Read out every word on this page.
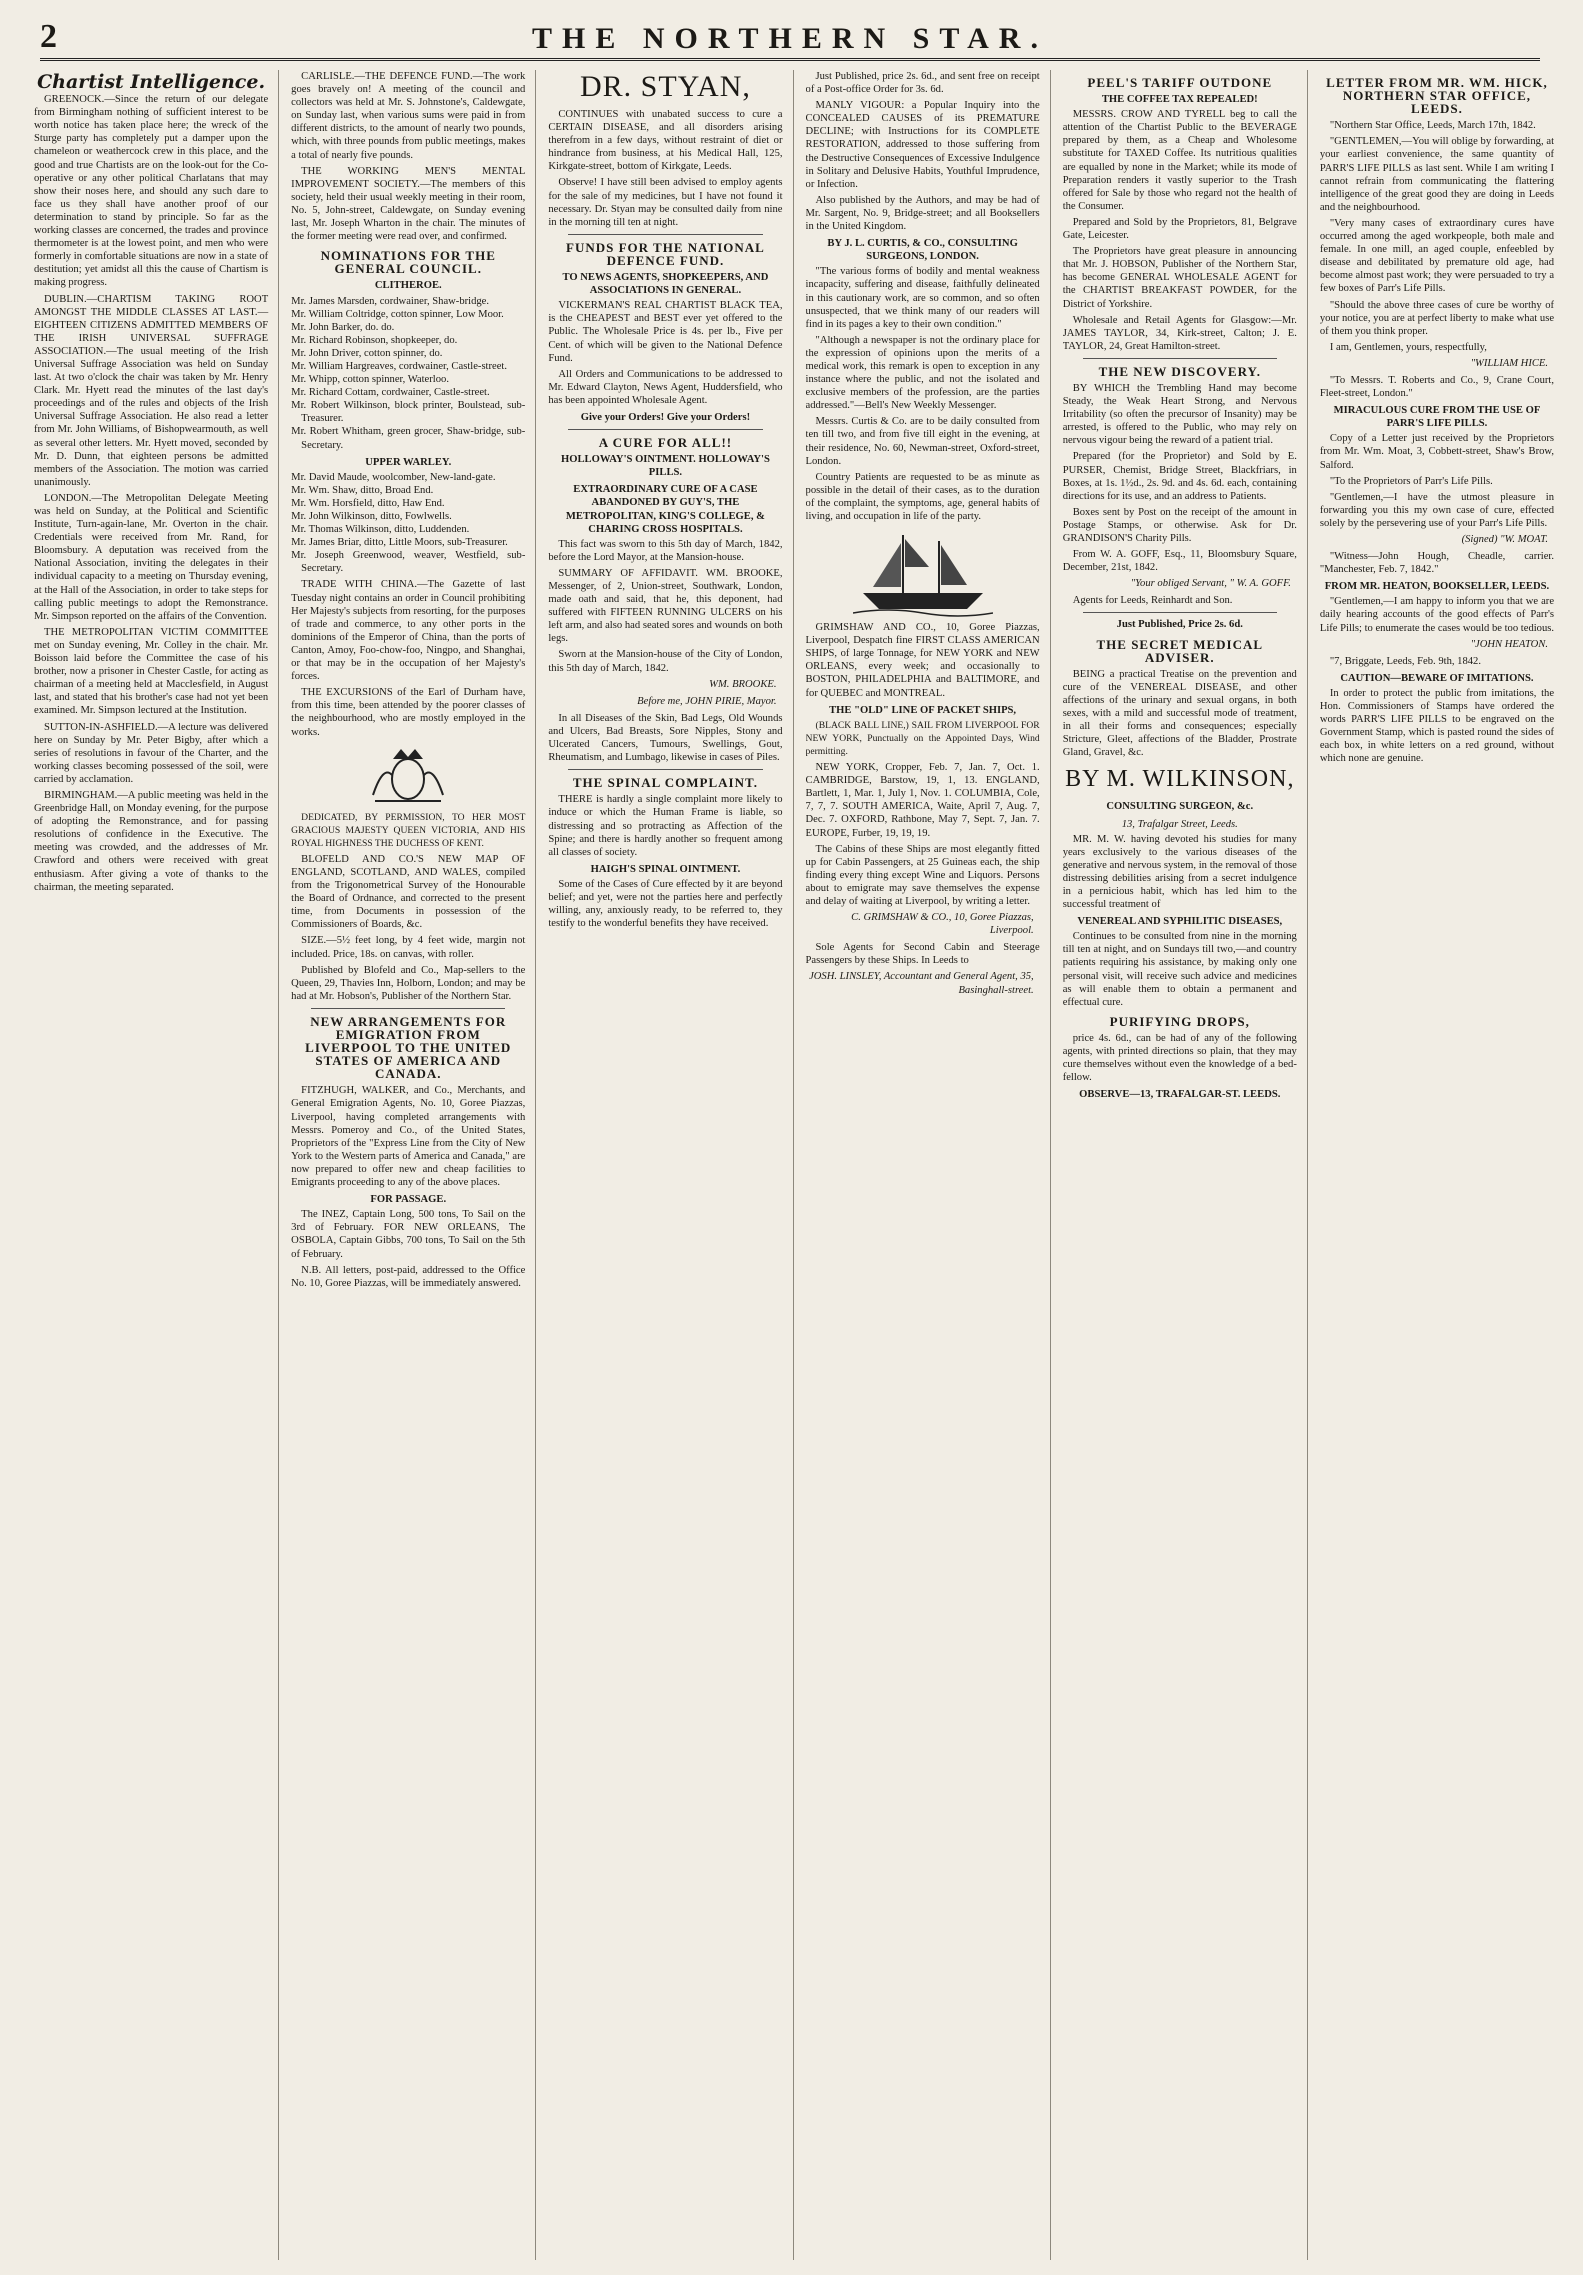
2	THE NORTHERN STAR.
Chartist Intelligence.

GREENOCK.—Since the return of our delegate from Birmingham nothing of sufficient interest to be worth notice has taken place here; the wreck of the Sturge party has completely put a damper upon the chameleon or weathercock crew in this place, and the good and true Chartists are on the look-out for the Co-operative or any other political Charlatans that may show their noses here, and should any such dare to face us they shall have another proof of our determination to stand by principle. So far as the working classes are concerned, the trades and province thermometer is at the lowest point, and men who were formerly in comfortable situations are now in a state of destitution; yet amidst all this the cause of Chartism is making progress.

DUBLIN.—CHARTISM TAKING ROOT AMONGST THE MIDDLE CLASSES AT LAST.—EIGHTEEN CITIZENS ADMITTED MEMBERS OF THE IRISH UNIVERSAL SUFFRAGE ASSOCIATION.—The usual meeting of the Irish Universal Suffrage Association was held on Sunday last. At two o'clock the chair was taken by Mr. Henry Clark. Mr. Hyett read the minutes of the last day's proceedings and of the rules and objects of the Irish Universal Suffrage Association. He also read a letter from Mr. John Williams, of Bishopwearmouth, as well as several other letters. Mr. Hyett moved, seconded by Mr. D. Dunn, that eighteen persons be admitted members of the Association. The motion was carried unanimously.

LONDON.—The Metropolitan Delegate Meeting was held on Sunday, at the Political and Scientific Institute, Turn-again-lane, Mr. Overton in the chair. Credentials were received from Mr. Rand, for Bloomsbury. A deputation was received from the National Association, inviting the delegates in their individual capacity to a meeting on Thursday evening, at the Hall of the Association, in order to take steps for calling public meetings to adopt the Remonstrance. Mr. Simpson reported on the affairs of the Convention.

THE METROPOLITAN VICTIM COMMITTEE met on Sunday evening, Mr. Colley in the chair. Mr. Boisson laid before the Committee the case of his brother, now a prisoner in Chester Castle, for acting as chairman of a meeting held at Macclesfield, in August last, and stated that his brother's case had not yet been examined. Mr. Simpson lectured at the Institution.

SUTTON-IN-ASHFIELD.—A lecture was delivered here on Sunday by Mr. Peter Bigby, after which a series of resolutions in favour of the Charter, and the working classes becoming possessed of the soil, were carried by acclamation.

BIRMINGHAM.—A public meeting was held in the Greenbridge Hall, on Monday evening, for the purpose of adopting the Remonstrance, and for passing resolutions of confidence in the Executive. The meeting was crowded, and the addresses of Mr. Crawford and others were received with great enthusiasm. After giving a vote of thanks to the chairman, the meeting separated.

CARLISLE.—THE DEFENCE FUND.—The work goes bravely on! A meeting of the council and collectors was held at Mr. S. Johnstone's, Caldewgate, on Sunday last, when various sums were paid in from different districts, to the amount of nearly two pounds, which, with three pounds from public meetings, makes a total of nearly five pounds.

THE WORKING MEN'S MENTAL IMPROVEMENT SOCIETY.—The members of this society, held their usual weekly meeting in their room, No. 5, John-street, Caldewgate, on Sunday evening last, Mr. Joseph Wharton in the chair. The minutes of the former meeting were read over, and confirmed.

NOMINATIONS FOR THE GENERAL COUNCIL.
CLITHEROE.
Mr. James Marsden, cordwainer, Shaw-bridge.
Mr. William Coltridge, cotton spinner, Low Moor.
Mr. John Barker, do. do.
Mr. Richard Robinson, shopkeeper, do.
Mr. John Driver, cotton spinner, do.
Mr. William Hargreaves, cordwainer, Castle-street.
Mr. Whipp, cotton spinner, Waterloo.
Mr. Richard Cottam, cordwainer, Castle-street.
Mr. Robert Wilkinson, block printer, Boulstead, sub-Treasurer.
Mr. Robert Whitham, green grocer, Shaw-bridge, sub-Secretary.
UPPER WARLEY.
Mr. David Maude, woolcomber, New-land-gate.
Mr. Wm. Shaw, ditto, Broad End.
Mr. Wm. Horsfield, ditto, Haw End.
Mr. John Wilkinson, ditto, Fowlwells.
Mr. Thomas Wilkinson, ditto, Luddenden.
Mr. James Briar, ditto, Little Moors, sub-Treasurer.
Mr. Joseph Greenwood, weaver, Westfield, sub-Secretary.

TRADE WITH CHINA.—The Gazette of last Tuesday night contains an order in Council prohibiting Her Majesty's subjects from resorting, for the purposes of trade and commerce, to any other ports in the dominions of the Emperor of China, than the ports of Canton, Amoy, Foo-chow-foo, Ningpo, and Shanghai, or that may be in the occupation of her Majesty's forces.

THE EXCURSIONS of the Earl of Durham have, from this time, been attended by the poorer classes of the neighbourhood, who are mostly employed in the works.

DEDICATED, BY PERMISSION, TO HER MOST GRACIOUS MAJESTY QUEEN VICTORIA, AND HIS ROYAL HIGHNESS THE DUCHESS OF KENT.

BLOFELD AND CO.'S NEW MAP OF ENGLAND, SCOTLAND, AND WALES, compiled from the Trigonometrical Survey of the Honourable the Board of Ordnance, and corrected to the present time, from Documents in possession of the Commissioners of Boards, &c.

SIZE.—5½ feet long, by 4 feet wide, margin not included. Price, 18s. on canvas, with roller.

Published by Blofeld and Co., Map-sellers to the Queen, 29, Thavies Inn, Holborn, London; and may be had at Mr. Hobson's, Publisher of the Northern Star.

NEW ARRANGEMENTS FOR EMIGRATION FROM LIVERPOOL TO THE UNITED STATES OF AMERICA AND CANADA.

FITZHUGH, WALKER, and Co., Merchants, and General Emigration Agents, No. 10, Goree Piazzas, Liverpool, having completed arrangements with Messrs. Pomeroy and Co., of the United States, Proprietors of the "Express Line from the City of New York to the Western parts of America and Canada," are now prepared to offer new and cheap facilities to Emigrants proceeding to any of the above places.

FOR PASSAGE.

The INEZ, Captain Long, 500 tons, To Sail on the 3rd of February. FOR NEW ORLEANS, The OSBOLA, Captain Gibbs, 700 tons, To Sail on the 5th of February.

N.B. All letters, post-paid, addressed to the Office No. 10, Goree Piazzas, will be immediately answered.

DR. STYAN,

CONTINUES with unabated success to cure a CERTAIN DISEASE, and all disorders arising therefrom in a few days, without restraint of diet or hindrance from business, at his Medical Hall, 125, Kirkgate-street, bottom of Kirkgate, Leeds.

Observe! I have still been advised to employ agents for the sale of my medicines, but I have not found it necessary. Dr. Styan may be consulted daily from nine in the morning till ten at night.

FUNDS FOR THE NATIONAL DEFENCE FUND.
TO NEWS AGENTS, SHOPKEEPERS, AND ASSOCIATIONS IN GENERAL.

VICKERMAN'S REAL CHARTIST BLACK TEA, is the CHEAPEST and BEST ever yet offered to the Public. The Wholesale Price is 4s. per lb., Five per Cent. of which will be given to the National Defence Fund.

All Orders and Communications to be addressed to Mr. Edward Clayton, News Agent, Huddersfield, who has been appointed Wholesale Agent.

Give your Orders! Give your Orders!
A CURE FOR ALL!!
HOLLOWAY'S OINTMENT. HOLLOWAY'S PILLS.
EXTRAORDINARY CURE OF A CASE ABANDONED BY GUY'S, THE METROPOLITAN, KING'S COLLEGE, & CHARING CROSS HOSPITALS.

This fact was sworn to this 5th day of March, 1842, before the Lord Mayor, at the Mansion-house.

SUMMARY OF AFFIDAVIT. WM. BROOKE, Messenger, of 2, Union-street, Southwark, London, made oath and said, that he, this deponent, had suffered with FIFTEEN RUNNING ULCERS on his left arm, and also had seated sores and wounds on both legs.

Sworn at the Mansion-house of the City of London, this 5th day of March, 1842.

WM. BROOKE.
Before me, JOHN PIRIE, Mayor.

In all Diseases of the Skin, Bad Legs, Old Wounds and Ulcers, Bad Breasts, Sore Nipples, Stony and Ulcerated Cancers, Tumours, Swellings, Gout, Rheumatism, and Lumbago, likewise in cases of Piles.

THE SPINAL COMPLAINT.

THERE is hardly a single complaint more likely to induce or which the Human Frame is liable, so distressing and so protracting as Affection of the Spine; and there is hardly another so frequent among all classes of society.

HAIGH'S SPINAL OINTMENT.

Some of the Cases of Cure effected by it are beyond belief; and yet, were not the parties here and perfectly willing, any, anxiously ready, to be referred to, they testify to the wonderful benefits they have received.

Just Published, price 2s. 6d., and sent free on receipt of a Post-office Order for 3s. 6d.

MANLY VIGOUR: a Popular Inquiry into the CONCEALED CAUSES of its PREMATURE DECLINE; with Instructions for its COMPLETE RESTORATION, addressed to those suffering from the Destructive Consequences of Excessive Indulgence in Solitary and Delusive Habits, Youthful Imprudence, or Infection.

Also published by the Authors, and may be had of Mr. Sargent, No. 9, Bridge-street; and all Booksellers in the United Kingdom.

BY J. L. CURTIS, & CO., CONSULTING SURGEONS, LONDON.

"The various forms of bodily and mental weakness incapacity, suffering and disease, faithfully delineated in this cautionary work, are so common, and so often unsuspected, that we think many of our readers will find in its pages a key to their own condition."

"Although a newspaper is not the ordinary place for the expression of opinions upon the merits of a medical work, this remark is open to exception in any instance where the public, and not the isolated and exclusive members of the profession, are the parties addressed."—Bell's New Weekly Messenger.

Messrs. Curtis & Co. are to be daily consulted from ten till two, and from five till eight in the evening, at their residence, No. 60, Newman-street, Oxford-street, London.

Country Patients are requested to be as minute as possible in the detail of their cases, as to the duration of the complaint, the symptoms, age, general habits of living, and occupation in life of the party.

GRIMSHAW AND CO., 10, Goree Piazzas, Liverpool, Despatch fine FIRST CLASS AMERICAN SHIPS, of large Tonnage, for NEW YORK and NEW ORLEANS, every week; and occasionally to BOSTON, PHILADELPHIA and BALTIMORE, and for QUEBEC and MONTREAL.

THE "OLD" LINE OF PACKET SHIPS,

(BLACK BALL LINE,) SAIL FROM LIVERPOOL FOR NEW YORK, Punctually on the Appointed Days, Wind permitting.

NEW YORK, Cropper, Feb. 7, Jan. 7, Oct. 1. CAMBRIDGE, Barstow, 19, 1, 13. ENGLAND, Bartlett, 1, Mar. 1, July 1, Nov. 1. COLUMBIA, Cole, 7, 7, 7. SOUTH AMERICA, Waite, April 7, Aug. 7, Dec. 7. OXFORD, Rathbone, May 7, Sept. 7, Jan. 7. EUROPE, Furber, 19, 19, 19.

The Cabins of these Ships are most elegantly fitted up for Cabin Passengers, at 25 Guineas each, the ship finding every thing except Wine and Liquors. Persons about to emigrate may save themselves the expense and delay of waiting at Liverpool, by writing a letter.

C. GRIMSHAW & CO., 10, Goree Piazzas, Liverpool.

Sole Agents for Second Cabin and Steerage Passengers by these Ships. In Leeds to

JOSH. LINSLEY, Accountant and General Agent, 35, Basinghall-street.
PEEL'S TARIFF OUTDONE
THE COFFEE TAX REPEALED!

MESSRS. CROW AND TYRELL beg to call the attention of the Chartist Public to the BEVERAGE prepared by them, as a Cheap and Wholesome substitute for TAXED Coffee. Its nutritious qualities are equalled by none in the Market; while its mode of Preparation renders it vastly superior to the Trash offered for Sale by those who regard not the health of the Consumer.

Prepared and Sold by the Proprietors, 81, Belgrave Gate, Leicester.

The Proprietors have great pleasure in announcing that Mr. J. HOBSON, Publisher of the Northern Star, has become GENERAL WHOLESALE AGENT for the CHARTIST BREAKFAST POWDER, for the District of Yorkshire.

Wholesale and Retail Agents for Glasgow:—Mr. JAMES TAYLOR, 34, Kirk-street, Calton; J. E. TAYLOR, 24, Great Hamilton-street.

THE NEW DISCOVERY.

BY WHICH the Trembling Hand may become Steady, the Weak Heart Strong, and Nervous Irritability (so often the precursor of Insanity) may be arrested, is offered to the Public, who may rely on nervous vigour being the reward of a patient trial.

Prepared (for the Proprietor) and Sold by E. PURSER, Chemist, Bridge Street, Blackfriars, in Boxes, at 1s. 1½d., 2s. 9d. and 4s. 6d. each, containing directions for its use, and an address to Patients.

Boxes sent by Post on the receipt of the amount in Postage Stamps, or otherwise. Ask for Dr. GRANDISON'S Charity Pills.

From W. A. GOFF, Esq., 11, Bloomsbury Square, December, 21st, 1842.

"Your obliged Servant, " W. A. GOFF.

Agents for Leeds, Reinhardt and Son.

Just Published, Price 2s. 6d.
THE SECRET MEDICAL ADVISER.

BEING a practical Treatise on the prevention and cure of the VENEREAL DISEASE, and other affections of the urinary and sexual organs, in both sexes, with a mild and successful mode of treatment, in all their forms and consequences; especially Stricture, Gleet, affections of the Bladder, Prostrate Gland, Gravel, &c.

BY M. WILKINSON,
CONSULTING SURGEON, &c.
13, Trafalgar Street, Leeds.

MR. M. W. having devoted his studies for many years exclusively to the various diseases of the generative and nervous system, in the removal of those distressing debilities arising from a secret indulgence in a pernicious habit, which has led him to the successful treatment of

VENEREAL AND SYPHILITIC DISEASES,

Continues to be consulted from nine in the morning till ten at night, and on Sundays till two,—and country patients requiring his assistance, by making only one personal visit, will receive such advice and medicines as will enable them to obtain a permanent and effectual cure.

PURIFYING DROPS,

price 4s. 6d., can be had of any of the following agents, with printed directions so plain, that they may cure themselves without even the knowledge of a bed-fellow.

OBSERVE—13, TRAFALGAR-ST. LEEDS.
LETTER FROM MR. WM. HICK, NORTHERN STAR OFFICE, LEEDS.

"Northern Star Office, Leeds, March 17th, 1842.

"GENTLEMEN,—You will oblige by forwarding, at your earliest convenience, the same quantity of PARR'S LIFE PILLS as last sent. While I am writing I cannot refrain from communicating the flattering intelligence of the great good they are doing in Leeds and the neighbourhood.

"Very many cases of extraordinary cures have occurred among the aged workpeople, both male and female. In one mill, an aged couple, enfeebled by disease and debilitated by premature old age, had become almost past work; they were persuaded to try a few boxes of Parr's Life Pills.

"Should the above three cases of cure be worthy of your notice, you are at perfect liberty to make what use of them you think proper.

I am, Gentlemen, yours, respectfully,

"WILLIAM HICE.

"To Messrs. T. Roberts and Co., 9, Crane Court, Fleet-street, London."

MIRACULOUS CURE FROM THE USE OF PARR'S LIFE PILLS.

Copy of a Letter just received by the Proprietors from Mr. Wm. Moat, 3, Cobbett-street, Shaw's Brow, Salford.

"To the Proprietors of Parr's Life Pills.

"Gentlemen,—I have the utmost pleasure in forwarding you this my own case of cure, effected solely by the persevering use of your Parr's Life Pills.

(Signed) "W. MOAT.

"Witness—John Hough, Cheadle, carrier. "Manchester, Feb. 7, 1842."

FROM MR. HEATON, BOOKSELLER, LEEDS.

"Gentlemen,—I am happy to inform you that we are daily hearing accounts of the good effects of Parr's Life Pills; to enumerate the cases would be too tedious.

"JOHN HEATON.

"7, Briggate, Leeds, Feb. 9th, 1842.

CAUTION—BEWARE OF IMITATIONS.

In order to protect the public from imitations, the Hon. Commissioners of Stamps have ordered the words PARR'S LIFE PILLS to be engraved on the Government Stamp, which is pasted round the sides of each box, in white letters on a red ground, without which none are genuine.
